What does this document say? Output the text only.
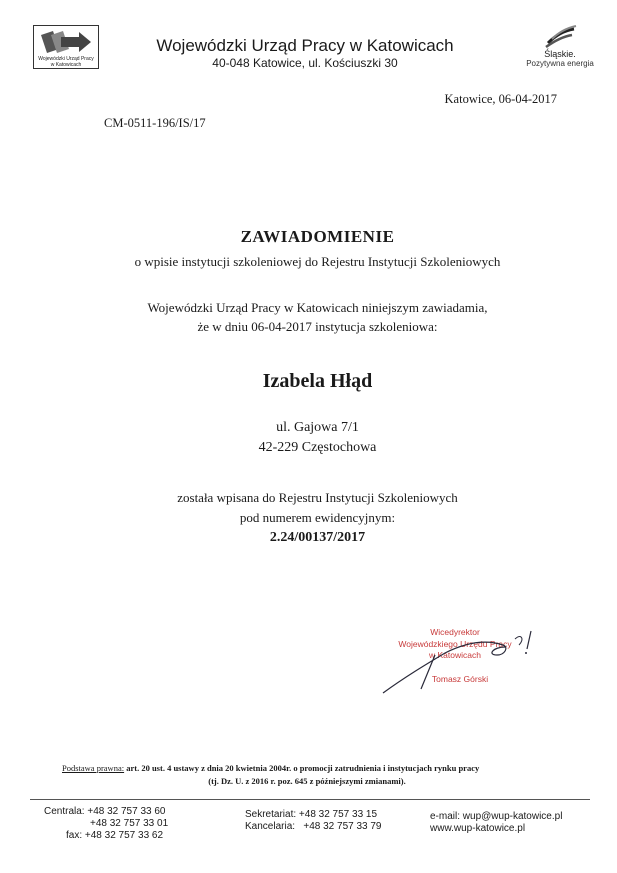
Wojewódzki Urząd Pracy w Katowicach
Wojewódzki Urząd Pracy w Katowicach
40-048 Katowice, ul. Kościuszki 30
Śląskie.
Pozytywna energia
Katowice, 06-04-2017
CM-0511-196/IS/17
ZAWIADOMIENIE
o wpisie instytucji szkoleniowej do Rejestru Instytucji Szkoleniowych
Wojewódzki Urząd Pracy w Katowicach niniejszym zawiadamia,
że w dniu 06-04-2017 instytucja szkoleniowa:
Izabela Hłąd
ul. Gajowa 7/1
42-229 Częstochowa
została wpisana do Rejestru Instytucji Szkoleniowych
pod numerem ewidencyjnym:
2.24/00137/2017
Wicedyrektor
Wojewódzkiego Urzędu Pracy
w Katowicach
Tomasz Górski
Podstawa prawna: art. 20 ust. 4 ustawy z dnia 20 kwietnia 2004r. o promocji zatrudnienia i instytucjach rynku pracy
(tj. Dz. U. z 2016 r. poz. 645 z późniejszymi zmianami).
Centrala: +48 32 757 33 60
+48 32 757 33 01
fax: +48 32 757 33 62
Sekretariat: +48 32 757 33 15
Kancelaria:   +48 32 757 33 79
e-mail: wup@wup-katowice.pl
www.wup-katowice.pl
